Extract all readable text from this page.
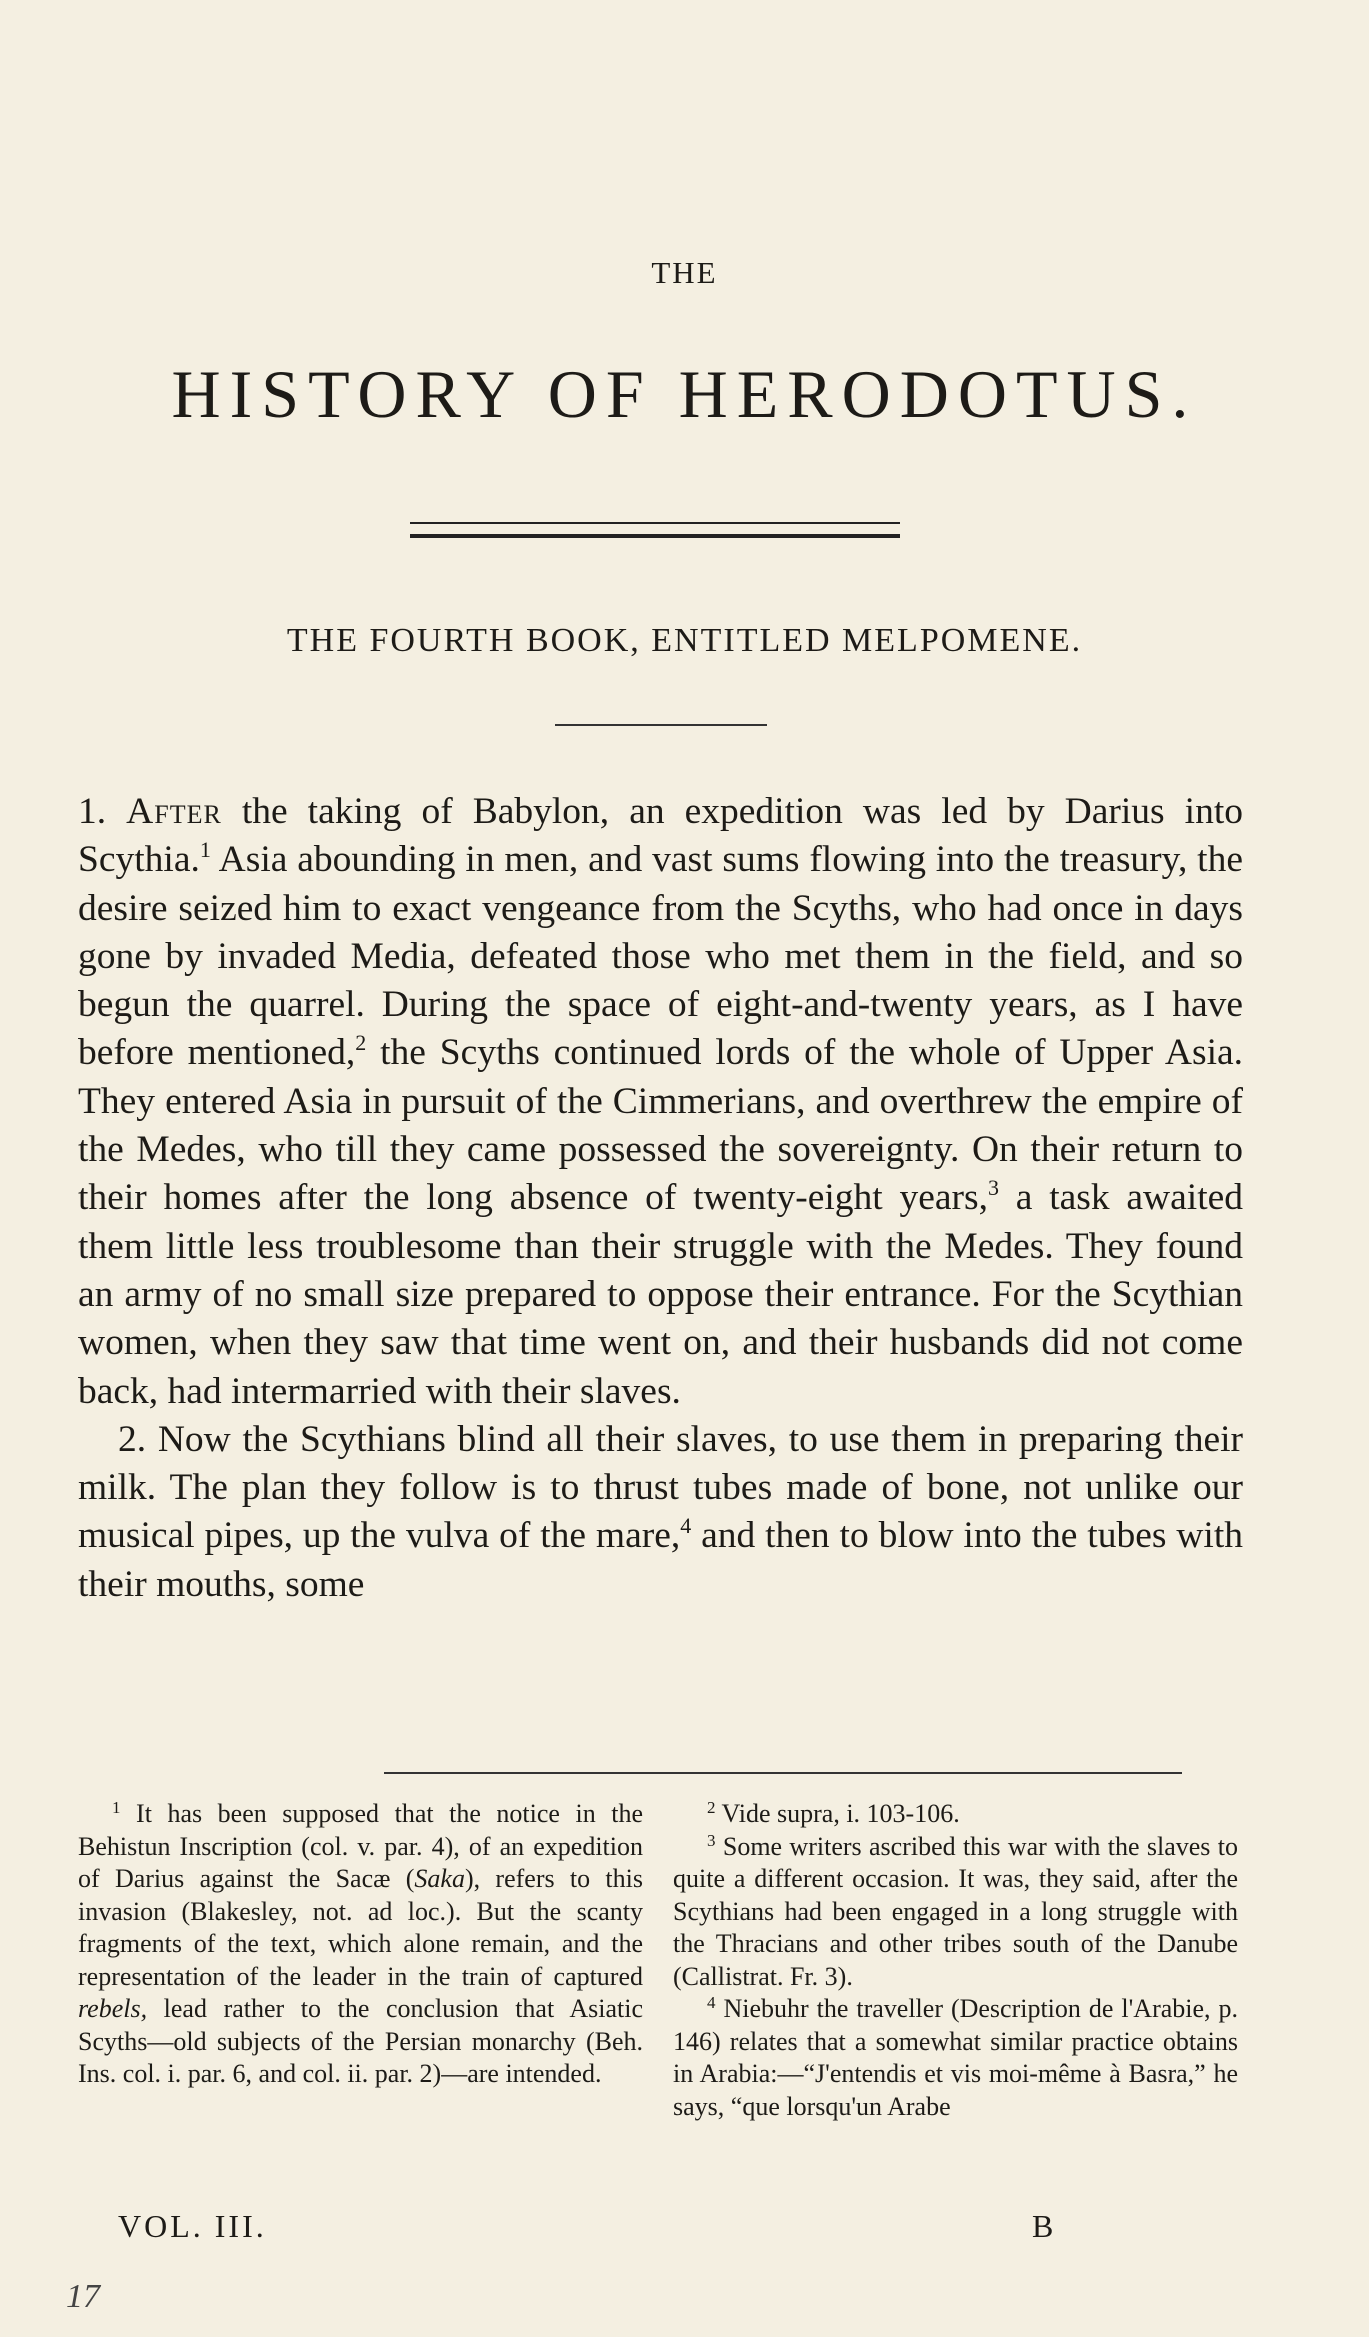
THE
HISTORY OF HERODOTUS.
THE FOURTH BOOK, ENTITLED MELPOMENE.

1. After the taking of Babylon, an expedition was led by Darius into Scythia.$^1$ Asia abounding in men, and vast sums flowing into the treasury, the desire seized him to exact vengeance from the Scyths, who had once in days gone by invaded Media, defeated those who met them in the field, and so begun the quarrel. During the space of eight-and-twenty years, as I have before mentioned,$^2$ the Scyths continued lords of the whole of Upper Asia. They entered Asia in pursuit of the Cimmerians, and overthrew the empire of the Medes, who till they came possessed the sovereignty. On their return to their homes after the long absence of twenty-eight years,$^3$ a task awaited them little less troublesome than their struggle with the Medes. They found an army of no small size prepared to oppose their entrance. For the Scythian women, when they saw that time went on, and their husbands did not come back, had intermarried with their slaves.

2. Now the Scythians blind all their slaves, to use them in preparing their milk. The plan they follow is to thrust tubes made of bone, not unlike our musical pipes, up the vulva of the mare,$^4$ and then to blow into the tubes with their mouths, some

$^1$ It has been supposed that the notice in the Behistun Inscription (col. v. par. 4), of an expedition of Darius against the Sacæ (Saka), refers to this invasion (Blakesley, not. ad loc.). But the scanty fragments of the text, which alone remain, and the representation of the leader in the train of captured rebels, lead rather to the conclusion that Asiatic Scyths—old subjects of the Persian monarchy (Beh. Ins. col. i. par. 6, and col. ii. par. 2)—are intended.

$^2$ Vide supra, i. 103-106.

$^3$ Some writers ascribed this war with the slaves to quite a different occasion. It was, they said, after the Scythians had been engaged in a long struggle with the Thracians and other tribes south of the Danube (Callistrat. Fr. 3).

$^4$ Niebuhr the traveller (Description de l'Arabie, p. 146) relates that a somewhat similar practice obtains in Arabia:—“J'entendis et vis moi-même à Basra,” he says, “que lorsqu'un Arabe

VOL. III.	B
17
